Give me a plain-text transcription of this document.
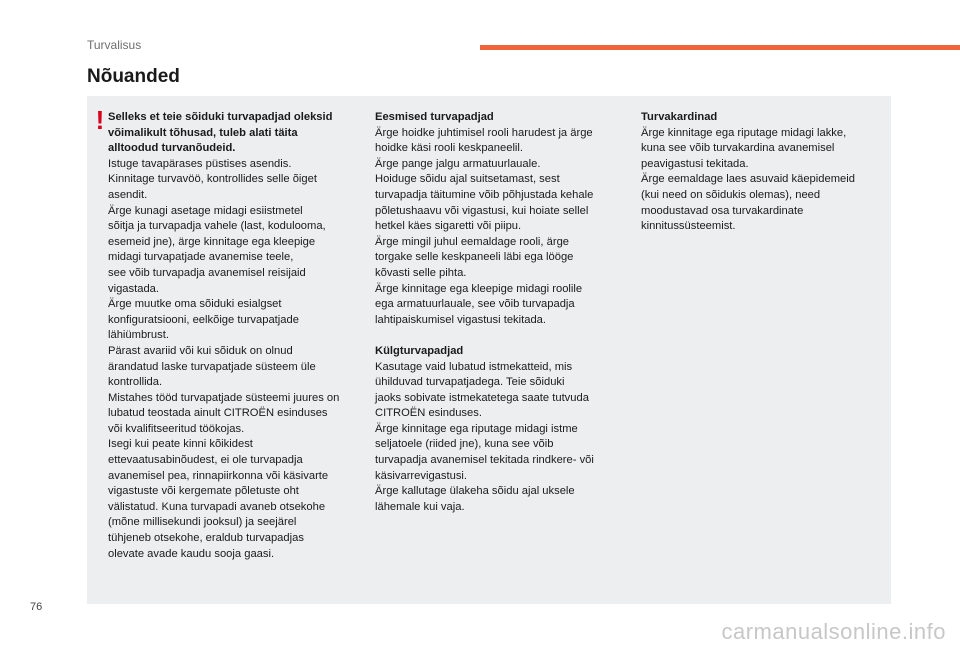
Turvalisus
Nõuanded
! Selleks et teie sõiduki turvapadjad oleksid

võimalikult tõhusad, tuleb alati täita

alltoodud turvanõudeid.

Istuge tavapärases püstises asendis.

Kinnitage turvavöö, kontrollides selle õiget

asendit.

Ärge kunagi asetage midagi esiistmetel

sõitja ja turvapadja vahele (last, koduloomа,

esemeid jne), ärge kinnitage ega kleepige

midagi turvapatjade avanemise teele,

see võib turvapadja avanemisel reisijaid

vigastada.

Ärge muutke oma sõiduki esialgset

konfiguratsiooni, eelkõige turvapatjade

lähiümbrust.

Pärast avariid või kui sõiduk on olnud

ärandatud laske turvapatjade süsteem üle

kontrollida.

Mistahes tööd turvapatjade süsteemi juures on

lubatud teostada ainult CITROËN esinduses

või kvalifitseeritud töökojas.

Isegi kui peate kinni kõikidest

ettevaatusabinõudest, ei ole turvapadja

avanemisel pea, rinnapiirkonna või käsivarte

vigastuste või kergemate põletuste oht

välistatud. Kuna turvapadi avaneb otsekohe

(mõne millisekundi jooksul) ja seejärel

tühjeneb otsekohe, eraldub turvapadjas

olevate avade kaudu sooja gaasi.

Eesmised turvapadjad

Ärge hoidke juhtimisel rooli harudest ja ärge

hoidke käsi rooli keskpaneelil.

Ärge pange jalgu armatuurlauale.

Hoiduge sõidu ajal suitsetamast, sest

turvapadja täitumine võib põhjustada kehale

põletushaavu või vigastusi, kui hoiate sellel

hetkel käes sigaretti või piipu.

Ärge mingil juhul eemaldage rooli, ärge

torgake selle keskpaneeli läbi ega lööge

kõvasti selle pihta.

Ärge kinnitage ega kleepige midagi roolile

ega armatuurlauale, see võib turvapadja

lahtipaiskumisel vigastusi tekitada.

Külgturvapadjad

Kasutage vaid lubatud istmekatteid, mis

ühilduvad turvapatjadega. Teie sõiduki

jaoks sobivate istmekatetega saate tutvuda

CITROËN esinduses.

Ärge kinnitage ega riputage midagi istme

seljatoele (riided jne), kuna see võib

turvapadja avanemisel tekitada rindkere- või

käsivarrevigastusi.

Ärge kallutage ülakeha sõidu ajal uksele

lähemale kui vaja.

Turvakardinad

Ärge kinnitage ega riputage midagi lakke,

kuna see võib turvakardina avanemisel

peavigastusi tekitada.

Ärge eemaldage laes asuvaid käepidemeid

(kui need on sõidukis olemas), need

moodustavad osa turvakardinate

kinnitussüsteemist.

76
carmanualsonline.info
